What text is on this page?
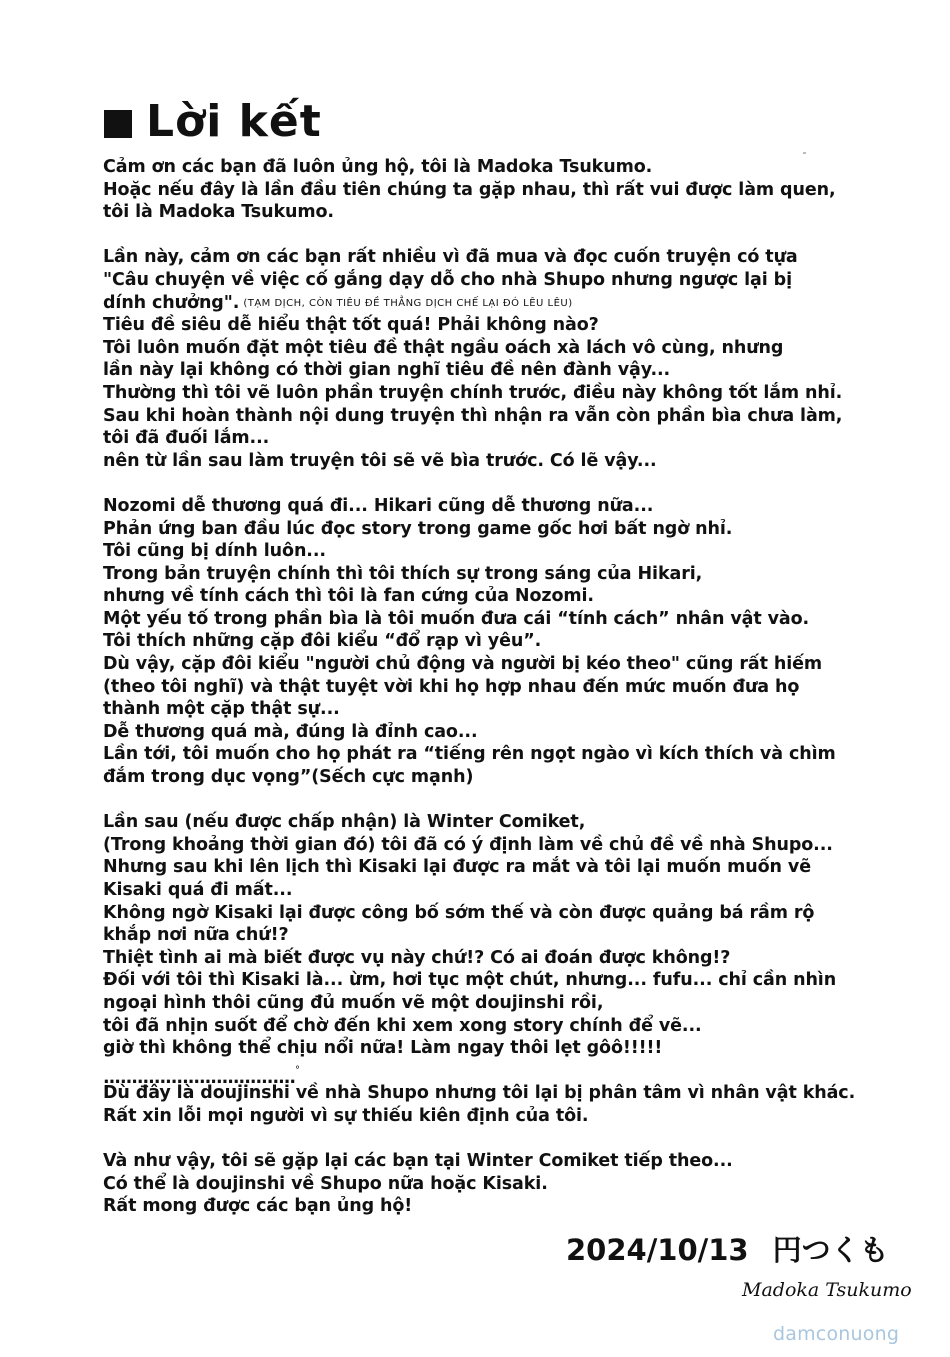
Lời kết
Cảm ơn các bạn đã luôn ủng hộ, tôi là Madoka Tsukumo.
Hoặc nếu đây là lần đầu tiên chúng ta gặp nhau, thì rất vui được làm quen,
tôi là Madoka Tsukumo.
Lần này, cảm ơn các bạn rất nhiều vì đã mua và đọc cuốn truyện có tựa
"Câu chuyện về việc cố gắng dạy dỗ cho nhà Shupo nhưng ngược lại bị
dính chưởng". (TẠM DỊCH, CÒN TIÊU ĐỀ THẲNG DỊCH CHẾ LẠI ĐÓ LÊU LÊU)
Tiêu đề siêu dễ hiểu thật tốt quá! Phải không nào?
Tôi luôn muốn đặt một tiêu đề thật ngầu oách xà lách vô cùng, nhưng
lần này lại không có thời gian nghĩ tiêu đề nên đành vậy...
Thường thì tôi vẽ luôn phần truyện chính trước, điều này không tốt lắm nhỉ.
Sau khi hoàn thành nội dung truyện thì nhận ra vẫn còn phần bìa chưa làm,
tôi đã đuối lắm...
nên từ lần sau làm truyện tôi sẽ vẽ bìa trước. Có lẽ vậy...
Nozomi dễ thương quá đi... Hikari cũng dễ thương nữa...
Phản ứng ban đầu lúc đọc story trong game gốc hơi bất ngờ nhỉ.
Tôi cũng bị dính luôn...
Trong bản truyện chính thì tôi thích sự trong sáng của Hikari,
nhưng về tính cách thì tôi là fan cứng của Nozomi.
Một yếu tố trong phần bìa là tôi muốn đưa cái “tính cách” nhân vật vào.
Tôi thích những cặp đôi kiểu “đổ rạp vì yêu”.
Dù vậy, cặp đôi kiểu "người chủ động và người bị kéo theo" cũng rất hiếm
(theo tôi nghĩ) và thật tuyệt vời khi họ hợp nhau đến mức muốn đưa họ
thành một cặp thật sự...
Dễ thương quá mà, đúng là đỉnh cao...
Lần tới, tôi muốn cho họ phát ra “tiếng rên ngọt ngào vì kích thích và chìm
đắm trong dục vọng”(Sếch cực mạnh)
Lần sau (nếu được chấp nhận) là Winter Comiket,
(Trong khoảng thời gian đó) tôi đã có ý định làm về chủ đề về nhà Shupo...
Nhưng sau khi lên lịch thì Kisaki lại được ra mắt và tôi lại muốn muốn vẽ
Kisaki quá đi mất...
Không ngờ Kisaki lại được công bố sớm thế và còn được quảng bá rầm rộ
khắp nơi nữa chứ!?
Thiệt tình ai mà biết được vụ này chứ!? Có ai đoán được không!?
Đối với tôi thì Kisaki là... ừm, hơi tục một chút, nhưng... fufu... chỉ cần nhìn
ngoại hình thôi cũng đủ muốn vẽ một doujinshi rồi,
tôi đã nhịn suốt để chờ đến khi xem xong story chính để vẽ...
giờ thì không thể chịu nổi nữa! Làm ngay thôi lẹt gôô!!!!!
..................................°
Dù đây là doujinshi về nhà Shupo nhưng tôi lại bị phân tâm vì nhân vật khác.
Rất xin lỗi mọi người vì sự thiếu kiên định của tôi.
Và như vậy, tôi sẽ gặp lại các bạn tại Winter Comiket tiếp theo...
Có thể là doujinshi về Shupo nữa hoặc Kisaki.
Rất mong được các bạn ủng hộ!
2024/10/13 円つくも
Madoka Tsukumo
damconuong
